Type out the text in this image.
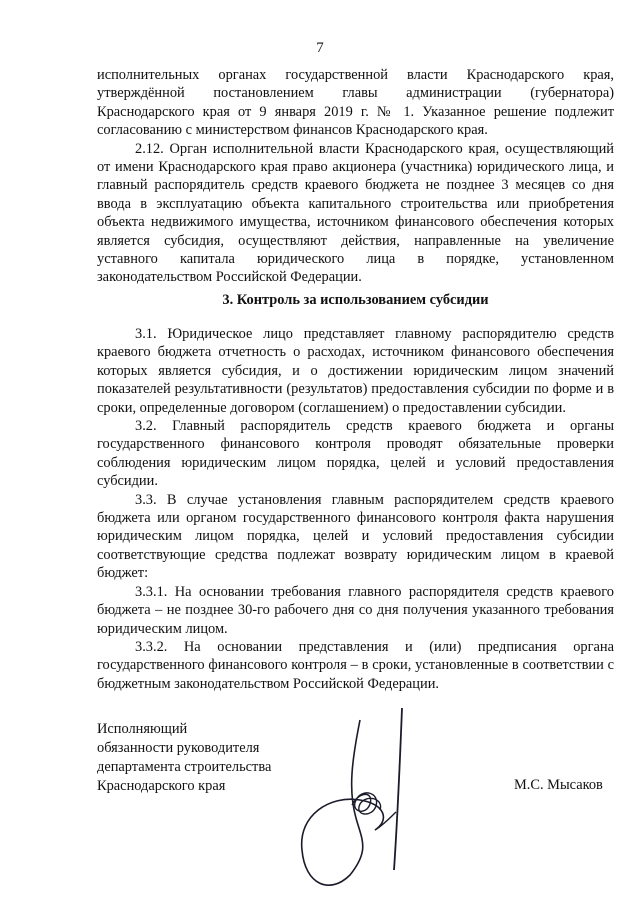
7

исполнительных органах государственной власти Краснодарского края, утверждённой постановлением главы администрации (губернатора) Краснодарского края от 9 января 2019 г. № 1. Указанное решение подлежит согласованию с министерством финансов Краснодарского края.

2.12. Орган исполнительной власти Краснодарского края, осуществляющий от имени Краснодарского края право акционера (участника) юридического лица, и главный распорядитель средств краевого бюджета не позднее 3 месяцев со дня ввода в эксплуатацию объекта капитального строительства или приобретения объекта недвижимого имущества, источником финансового обеспечения которых является субсидия, осуществляют действия, направленные на увеличение уставного капитала юридического лица в порядке, установленном законодательством Российской Федерации.

3. Контроль за использованием субсидии

3.1. Юридическое лицо представляет главному распорядителю средств краевого бюджета отчетность о расходах, источником финансового обеспечения которых является субсидия, и о достижении юридическим лицом значений показателей результативности (результатов) предоставления субсидии по форме и в сроки, определенные договором (соглашением) о предоставлении субсидии.

3.2. Главный распорядитель средств краевого бюджета и органы государственного финансового контроля проводят обязательные проверки соблюдения юридическим лицом порядка, целей и условий предоставления субсидии.

3.3. В случае установления главным распорядителем средств краевого бюджета или органом государственного финансового контроля факта нарушения юридическим лицом порядка, целей и условий предоставления субсидии соответствующие средства подлежат возврату юридическим лицом в краевой бюджет:

3.3.1. На основании требования главного распорядителя средств краевого бюджета – не позднее 30-го рабочего дня со дня получения указанного требования юридическим лицом.

3.3.2. На основании представления и (или) предписания органа государственного финансового контроля – в сроки, установленные в соответствии с бюджетным законодательством Российской Федерации.

Исполняющий
обязанности руководителя
департамента строительства
Краснодарского края	М.С. Мысаков
